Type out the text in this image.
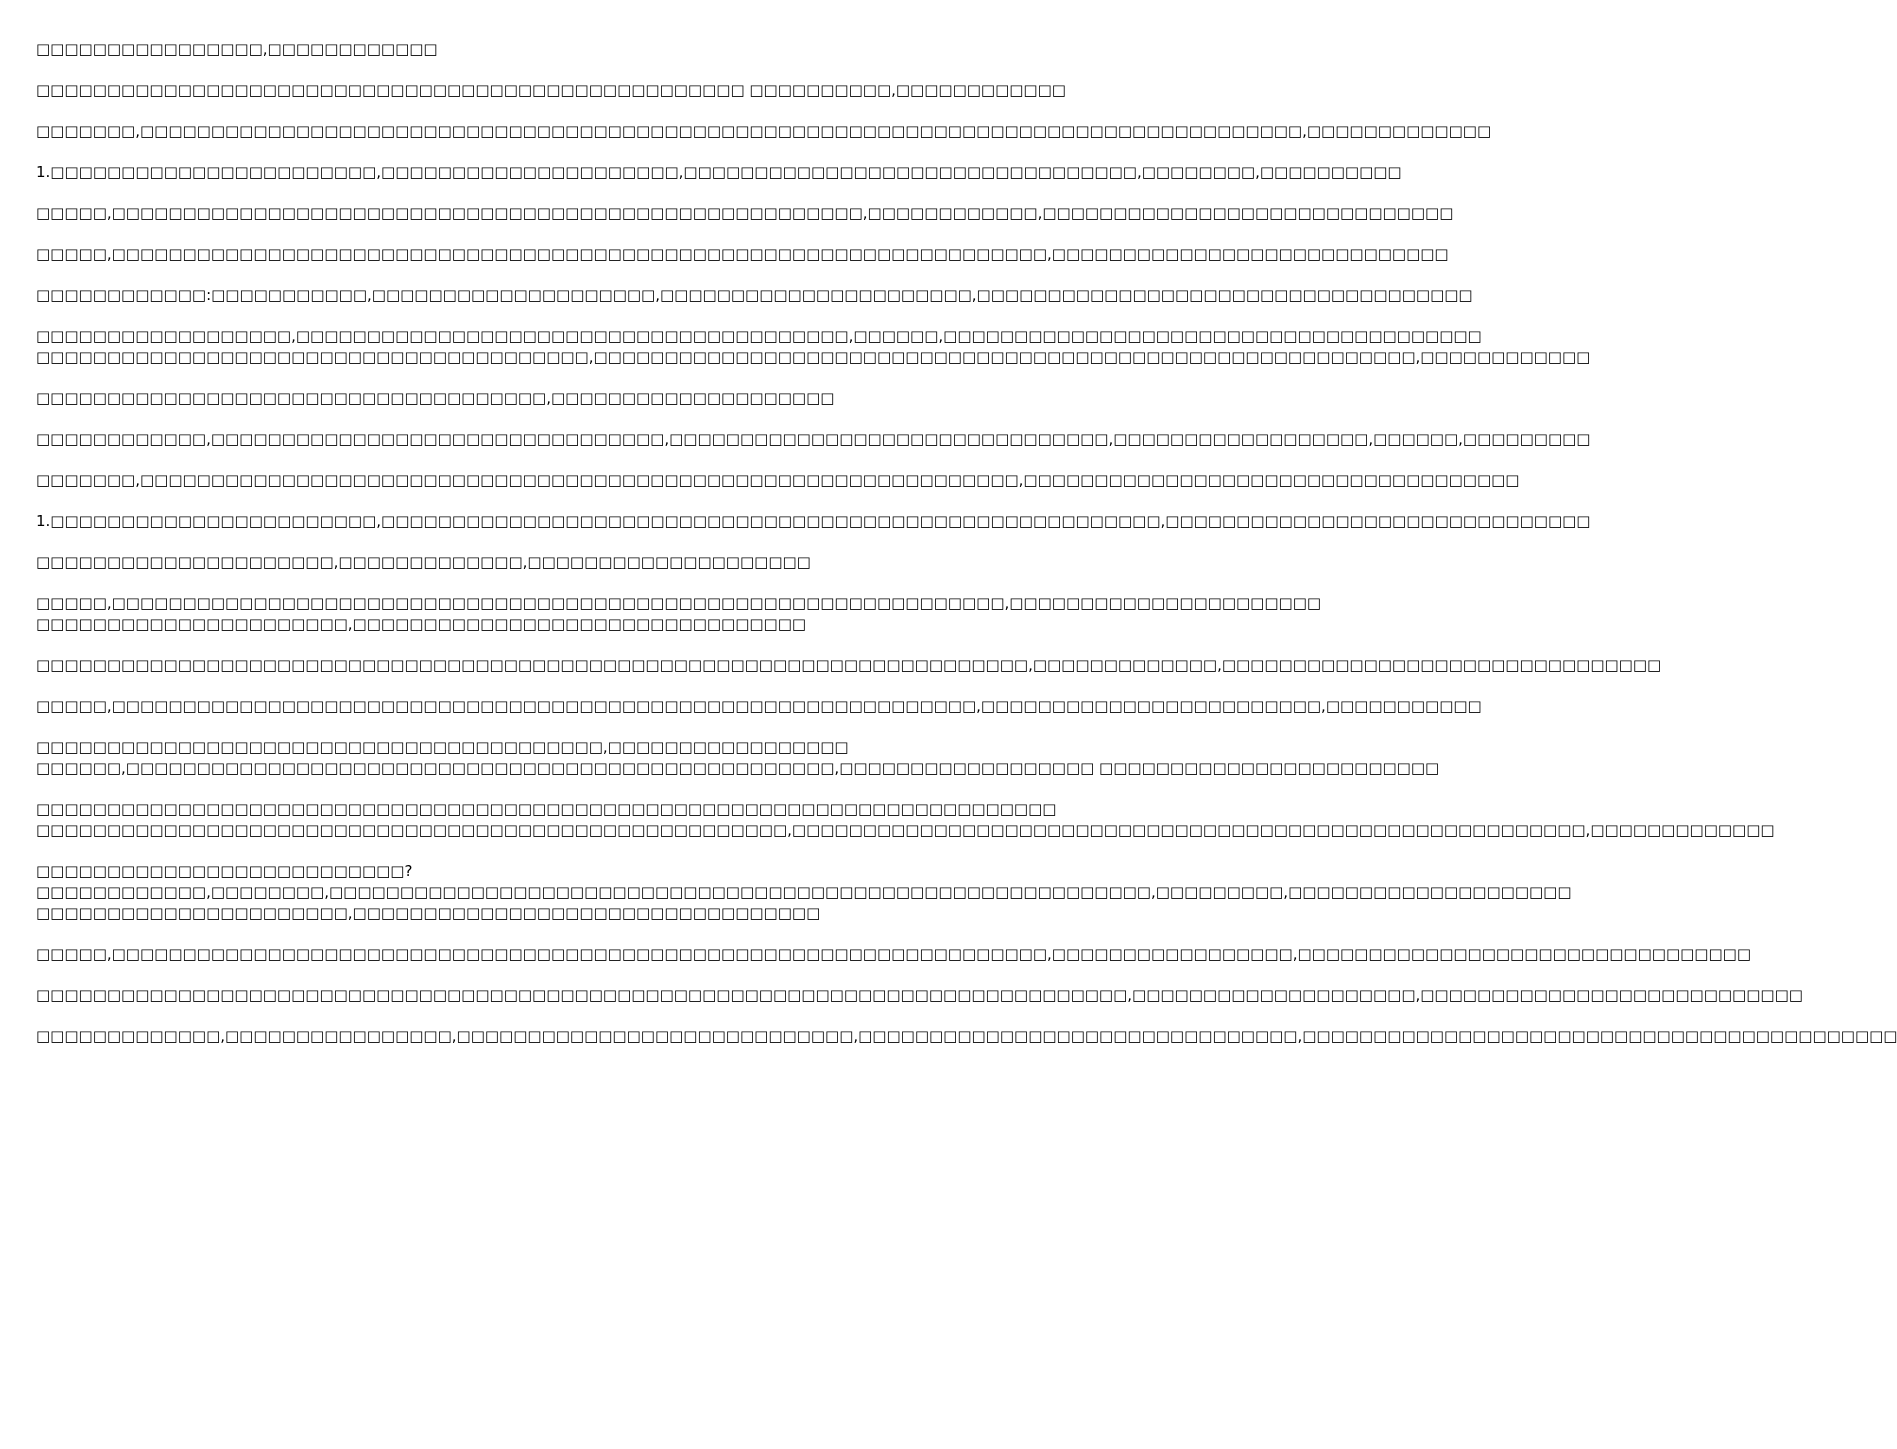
□□□□□□□□□□□□□□□□,□□□□□□□□□□□□

□□□□□□□□□□□□□□□□□□□□□□□□□□□□□□□□□□□□□□□□□□□□□□□□□□ □□□□□□□□□□,□□□□□□□□□□□□

□□□□□□□,□□□□□□□□□□□□□□□□□□□□□□□□□□□□□□□□□□□□□□□□□□□□□□□□□□□□□□□□□□□□□□□□□□□□□□□□□□□□□□□□□□,□□□□□□□□□□□□□

1.□□□□□□□□□□□□□□□□□□□□□□□,□□□□□□□□□□□□□□□□□□□□□,□□□□□□□□□□□□□□□□□□□□□□□□□□□□□□□□,□□□□□□□□,□□□□□□□□□□

□□□□□,□□□□□□□□□□□□□□□□□□□□□□□□□□□□□□□□□□□□□□□□□□□□□□□□□□□□□,□□□□□□□□□□□□,□□□□□□□□□□□□□□□□□□□□□□□□□□□□□

□□□□□,□□□□□□□□□□□□□□□□□□□□□□□□□□□□□□□□□□□□□□□□□□□□□□□□□□□□□□□□□□□□□□□□□□,□□□□□□□□□□□□□□□□□□□□□□□□□□□□

□□□□□□□□□□□□:□□□□□□□□□□□,□□□□□□□□□□□□□□□□□□□□,□□□□□□□□□□□□□□□□□□□□□□,□□□□□□□□□□□□□□□□□□□□□□□□□□□□□□□□□□□

□□□□□□□□□□□□□□□□□□,□□□□□□□□□□□□□□□□□□□□□□□□□□□□□□□□□□□□□□□,□□□□□□,□□□□□□□□□□□□□□□□□□□□□□□□□□□□□□□□□□□□□□
□□□□□□□□□□□□□□□□□□□□□□□□□□□□□□□□□□□□□□□,□□□□□□□□□□□□□□□□□□□□□□□□□□□□□□□□□□□□□□□□□□□□□□□□□□□□□□□□□□,□□□□□□□□□□□□

□□□□□□□□□□□□□□□□□□□□□□□□□□□□□□□□□□□□,□□□□□□□□□□□□□□□□□□□□

□□□□□□□□□□□□,□□□□□□□□□□□□□□□□□□□□□□□□□□□□□□□□,□□□□□□□□□□□□□□□□□□□□□□□□□□□□□□□,□□□□□□□□□□□□□□□□□□,□□□□□□,□□□□□□□□□

□□□□□□□,□□□□□□□□□□□□□□□□□□□□□□□□□□□□□□□□□□□□□□□□□□□□□□□□□□□□□□□□□□□□□□,□□□□□□□□□□□□□□□□□□□□□□□□□□□□□□□□□□□

1.□□□□□□□□□□□□□□□□□□□□□□□,□□□□□□□□□□□□□□□□□□□□□□□□□□□□□□□□□□□□□□□□□□□□□□□□□□□□□□□,□□□□□□□□□□□□□□□□□□□□□□□□□□□□□□

□□□□□□□□□□□□□□□□□□□□□,□□□□□□□□□□□□□,□□□□□□□□□□□□□□□□□□□□

□□□□□,□□□□□□□□□□□□□□□□□□□□□□□□□□□□□□□□□□□□□□□□□□□□□□□□□□□□□□□□□□□□□□□,□□□□□□□□□□□□□□□□□□□□□□
□□□□□□□□□□□□□□□□□□□□□□,□□□□□□□□□□□□□□□□□□□□□□□□□□□□□□□□

□□□□□□□□□□□□□□□□□□□□□□□□□□□□□□□□□□□□□□□□□□□□□□□□□□□□□□□□□□□□□□□□□□□□□□,□□□□□□□□□□□□□,□□□□□□□□□□□□□□□□□□□□□□□□□□□□□□□

□□□□□,□□□□□□□□□□□□□□□□□□□□□□□□□□□□□□□□□□□□□□□□□□□□□□□□□□□□□□□□□□□□□,□□□□□□□□□□□□□□□□□□□□□□□□,□□□□□□□□□□□

□□□□□□□□□□□□□□□□□□□□□□□□□□□□□□□□□□□□□□□□,□□□□□□□□□□□□□□□□□
□□□□□□,□□□□□□□□□□□□□□□□□□□□□□□□□□□□□□□□□□□□□□□□□□□□□□□□□□,□□□□□□□□□□□□□□□□□□ □□□□□□□□□□□□□□□□□□□□□□□□

□□□□□□□□□□□□□□□□□□□□□□□□□□□□□□□□□□□□□□□□□□□□□□□□□□□□□□□□□□□□□□□□□□□□□□□□
□□□□□□□□□□□□□□□□□□□□□□□□□□□□□□□□□□□□□□□□□□□□□□□□□□□□□,□□□□□□□□□□□□□□□□□□□□□□□□□□□□□□□□□□□□□□□□□□□□□□□□□□□□□□□□,□□□□□□□□□□□□□

□□□□□□□□□□□□□□□□□□□□□□□□□□?
□□□□□□□□□□□□,□□□□□□□□,□□□□□□□□□□□□□□□□□□□□□□□□□□□□□□□□□□□□□□□□□□□□□□□□□□□□□□□□□□,□□□□□□□□□,□□□□□□□□□□□□□□□□□□□□
□□□□□□□□□□□□□□□□□□□□□□,□□□□□□□□□□□□□□□□□□□□□□□□□□□□□□□□□

□□□□□,□□□□□□□□□□□□□□□□□□□□□□□□□□□□□□□□□□□□□□□□□□□□□□□□□□□□□□□□□□□□□□□□□□,□□□□□□□□□□□□□□□□□,□□□□□□□□□□□□□□□□□□□□□□□□□□□□□□□□

□□□□□□□□□□□□□□□□□□□□□□□□□□□□□□□□□□□□□□□□□□□□□□□□□□□□□□□□□□□□□□□□□□□□□□□□□□□□□,□□□□□□□□□□□□□□□□□□□□,□□□□□□□□□□□□□□□□□□□□□□□□□□□

□□□□□□□□□□□□□,□□□□□□□□□□□□□□□□,□□□□□□□□□□□□□□□□□□□□□□□□□□□□,□□□□□□□□□□□□□□□□□□□□□□□□□□□□□□□,□□□□□□□□□□□□□□□□□□□□□□□□□□□□□□□□□□□□□□□□□□
